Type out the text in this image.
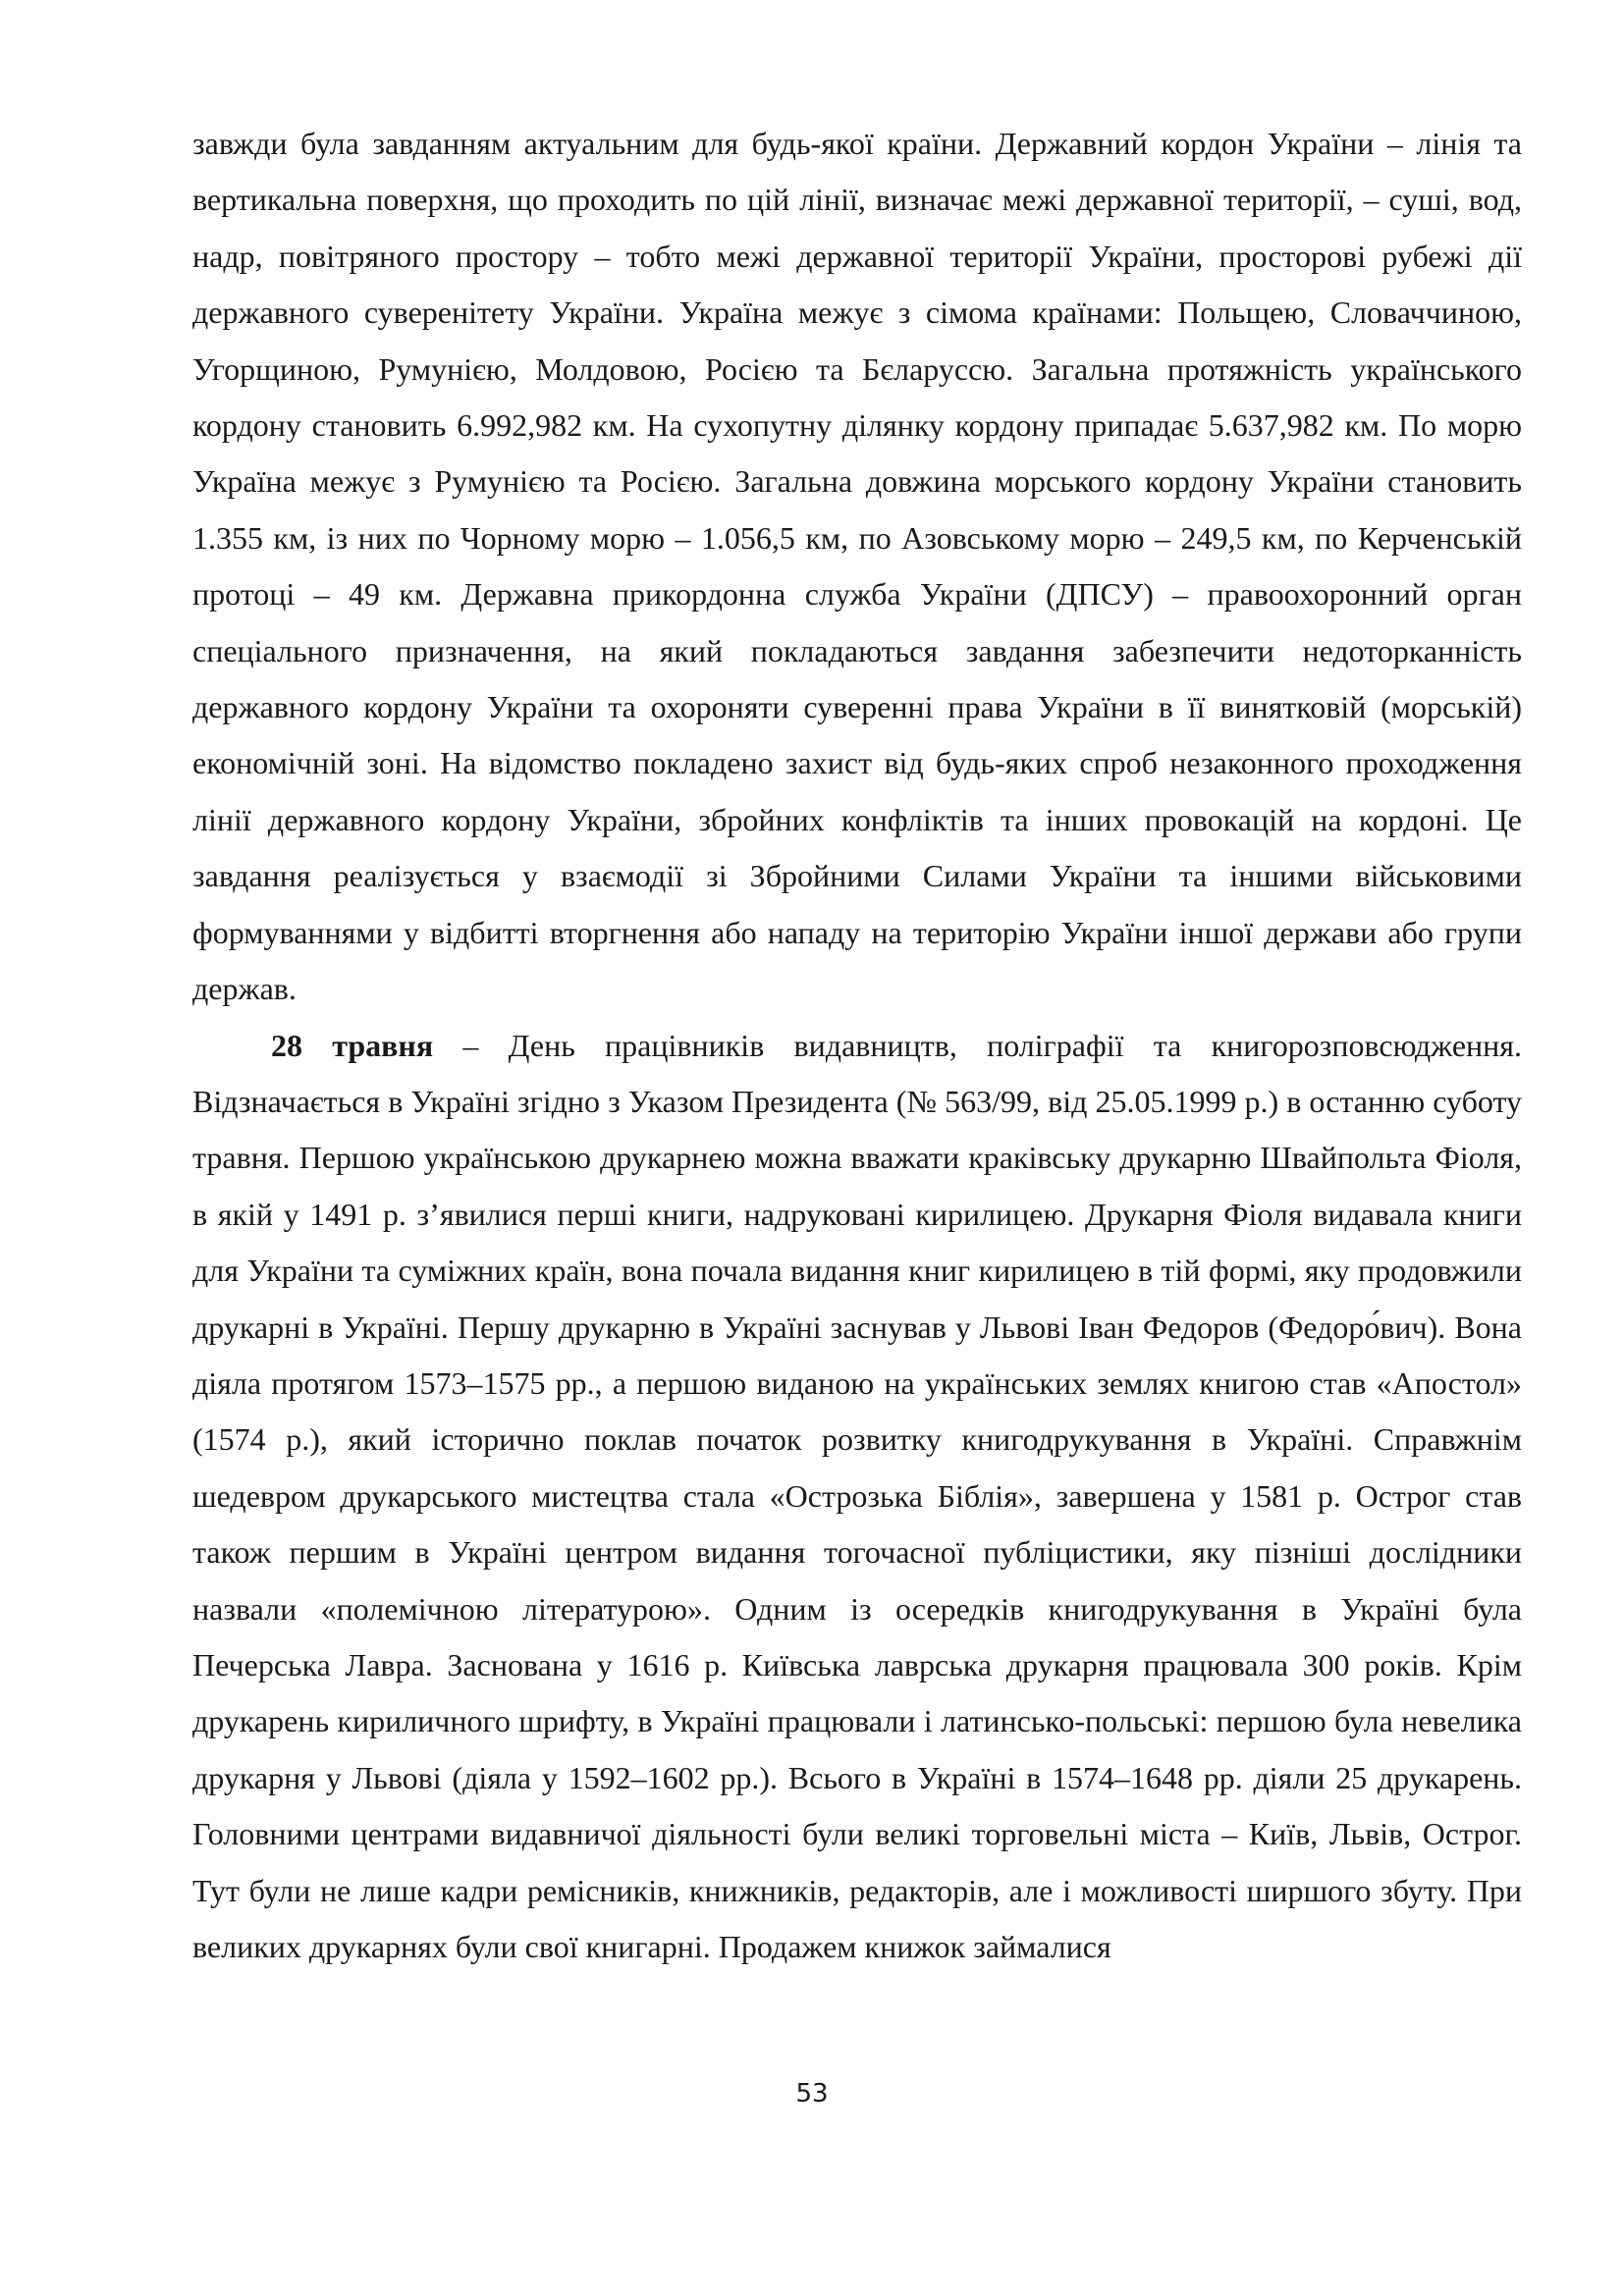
завжди була завданням актуальним для будь-якої країни. Державний кордон України – лінія та вертикальна поверхня, що проходить по цій лінії, визначає межі державної території, – суші, вод, надр, повітряного простору – тобто межі державної території України, просторові рубежі дії державного суверенітету України. Україна межує з сімома країнами: Польщею, Словаччиною, Угорщиною, Румунією, Молдовою, Росією та Бєларуссю. Загальна протяжність українського кордону становить 6.992,982 км. На сухопутну ділянку кордону припадає 5.637,982 км. По морю Україна межує з Румунією та Росією. Загальна довжина морського кордону України становить 1.355 км, із них по Чорному морю – 1.056,5 км, по Азовському морю – 249,5 км, по Керченській протоці – 49 км. Державна прикордонна служба України (ДПСУ) – правоохоронний орган спеціального призначення, на який покладаються завдання забезпечити недоторканність державного кордону України та охороняти суверенні права України в її винятковій (морській) економічній зоні. На відомство покладено захист від будь-яких спроб незаконного проходження лінії державного кордону України, збройних конфліктів та інших провокацій на кордоні. Це завдання реалізується у взаємодії зі Збройними Силами України та іншими військовими формуваннями у відбитті вторгнення або нападу на територію України іншої держави або групи держав.

28 травня – День працівників видавництв, поліграфії та книгорозповсюдження. Відзначається в Україні згідно з Указом Президента (№ 563/99, від 25.05.1999 р.) в останню суботу травня. Першою українською друкарнею можна вважати краківську друкарню Швайпольта Фіоля, в якій у 1491 р. з’явилися перші книги, надруковані кирилицею. Друкарня Фіоля видавала книги для України та суміжних країн, вона почала видання книг кирилицею в тій формі, яку продовжили друкарні в Україні. Першу друкарню в Україні заснував у Львові Іван Федоров (Федоро́вич). Вона діяла протягом 1573–1575 рр., а першою виданою на українських землях книгою став «Апостол» (1574 р.), який історично поклав початок розвитку книгодрукування в Україні. Справжнім шедевром друкарського мистецтва стала «Острозька Біблія», завершена у 1581 р. Острог став також першим в Україні центром видання тогочасної публіцистики, яку пізніші дослідники назвали «полемічною літературою». Одним із осередків книгодрукування в Україні була Печерська Лавра. Заснована у 1616 р. Київська лаврська друкарня працювала 300 років. Крім друкарень кириличного шрифту, в Україні працювали і латинсько-польські: першою була невелика друкарня у Львові (діяла у 1592–1602 рр.). Всього в Україні в 1574–1648 рр. діяли 25 друкарень. Головними центрами видавничої діяльності були великі торговельні міста – Київ, Львів, Острог. Тут були не лише кадри ремісників, книжників, редакторів, але і можливості ширшого збуту. При великих друкарнях були свої книгарні. Продажем книжок займалися

53
